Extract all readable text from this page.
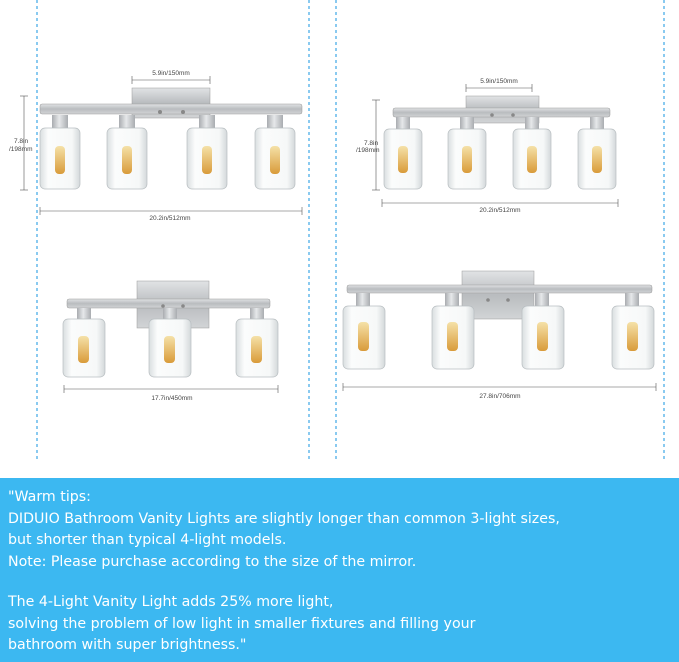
5.9in/150mm
7.8in
/198mm
20.2in/512mm
5.9in/150mm
7.8in
/198mm
20.2in/512mm
17.7in/450mm	27.8in/706mm

"Warm tips:
DIDUIO Bathroom Vanity Lights are slightly longer than common 3-light sizes,
but shorter than typical 4-light models.
Note: Please purchase according to the size of the mirror.

The 4-Light Vanity Light adds 25% more light,
solving the problem of low light in smaller fixtures and filling your
bathroom with super brightness."
